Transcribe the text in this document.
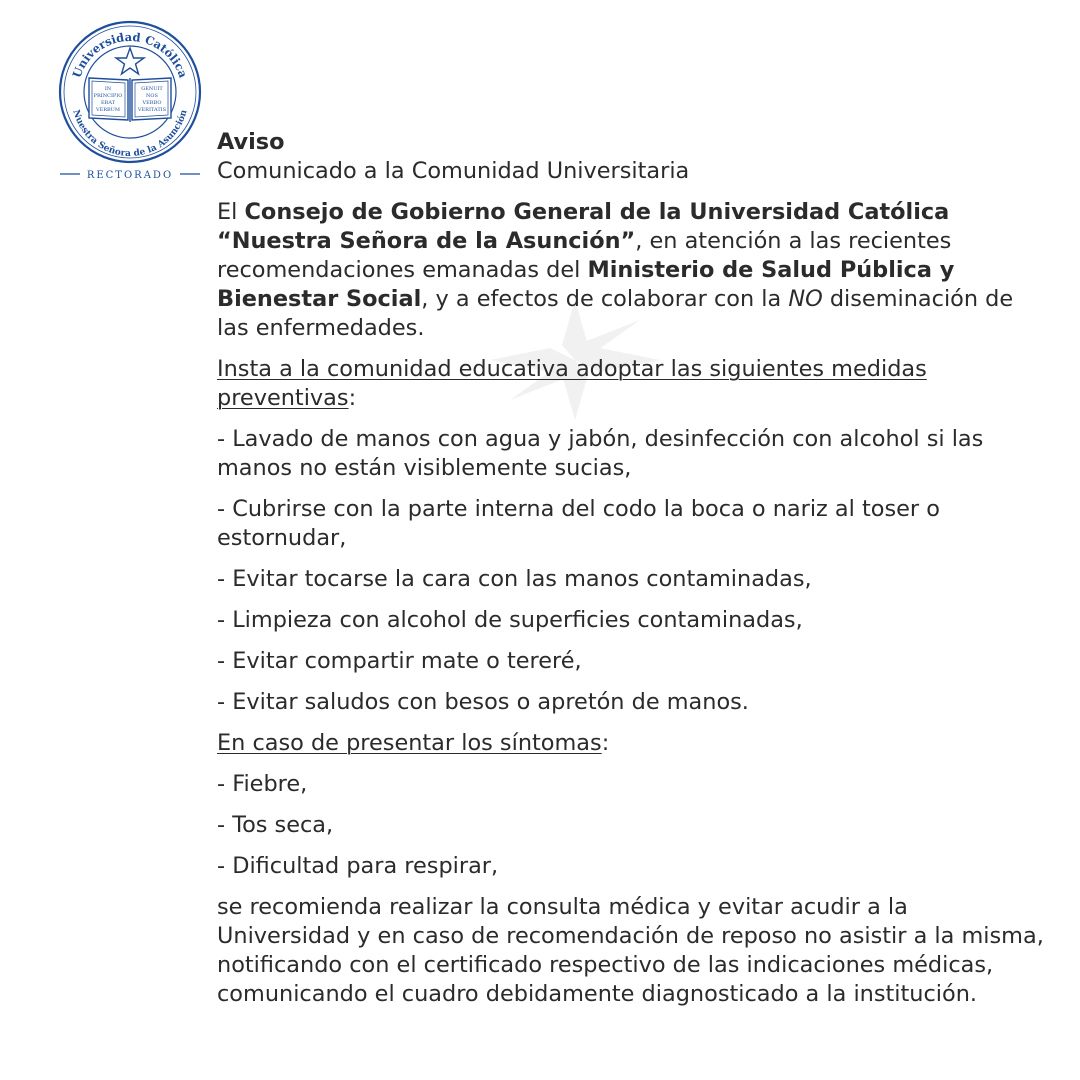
Universidad Católica
Nuestra Señora de la Asunción
IN
PRINCIPIO
ERAT
VERBUM
GENUIT
NOS
VERBO
VERITATIS
RECTORADO

Aviso

Comunicado a la Comunidad Universitaria

El Consejo de Gobierno General de la Universidad Católica “Nuestra Señora de la Asunción”, en atención a las recientes recomendaciones emanadas del Ministerio de Salud Pública y Bienestar Social, y a efectos de colaborar con la NO diseminación de las enfermedades.

Insta a la comunidad educativa adoptar las siguientes medidas preventivas:

- Lavado de manos con agua y jabón, desinfección con alcohol si las manos no están visiblemente sucias,

- Cubrirse con la parte interna del codo la boca o nariz al toser o estornudar,

- Evitar tocarse la cara con las manos contaminadas,

- Limpieza con alcohol de superficies contaminadas,

- Evitar compartir mate o tereré,

- Evitar saludos con besos o apretón de manos.

En caso de presentar los síntomas:

- Fiebre,

- Tos seca,

- Dificultad para respirar,

se recomienda realizar la consulta médica y evitar acudir a la Universidad y en caso de recomendación de reposo no asistir a la misma, notificando con el certificado respectivo de las indicaciones médicas, comunicando el cuadro debidamente diagnosticado a la institución.
